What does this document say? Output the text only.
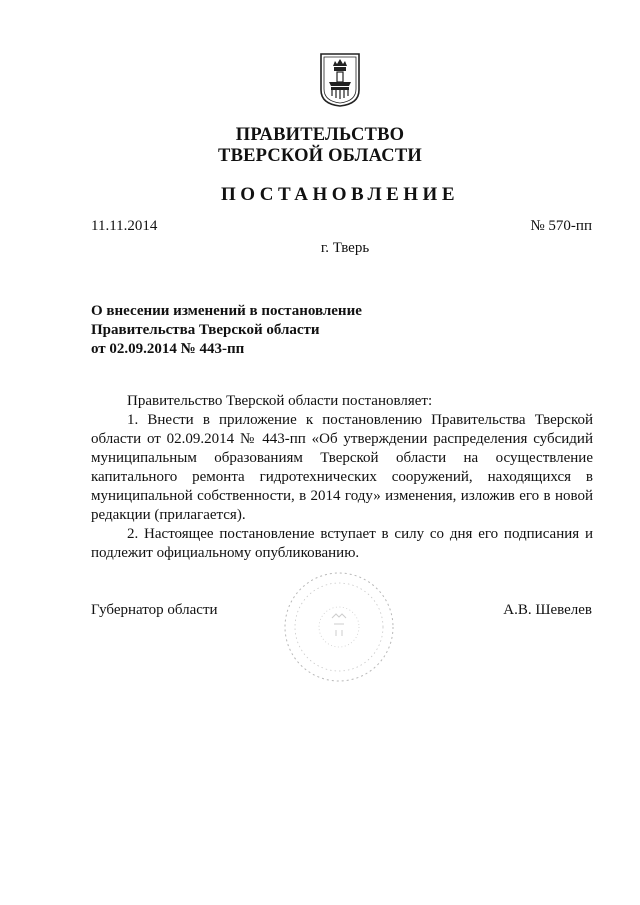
ПРАВИТЕЛЬСТВО
ТВЕРСКОЙ ОБЛАСТИ
ПОСТАНОВЛЕНИЕ
11.11.2014	№ 570-пп
г. Тверь
О внесении изменений в постановление
Правительства Тверской области
от 02.09.2014 № 443-пп

Правительство Тверской области постановляет:

1. Внести в приложение к постановлению Правительства Тверской области от 02.09.2014 № 443-пп «Об утверждении распределения субсидий муниципальным образованиям Тверской области на осуществление капитального ремонта гидротехнических сооружений, находящихся в муниципальной собственности, в 2014 году» изменения, изложив его в новой редакции (прилагается).

2. Настоящее постановление вступает в силу со дня его подписания и подлежит официальному опубликованию.

Губернатор области	А.В. Шевелев
